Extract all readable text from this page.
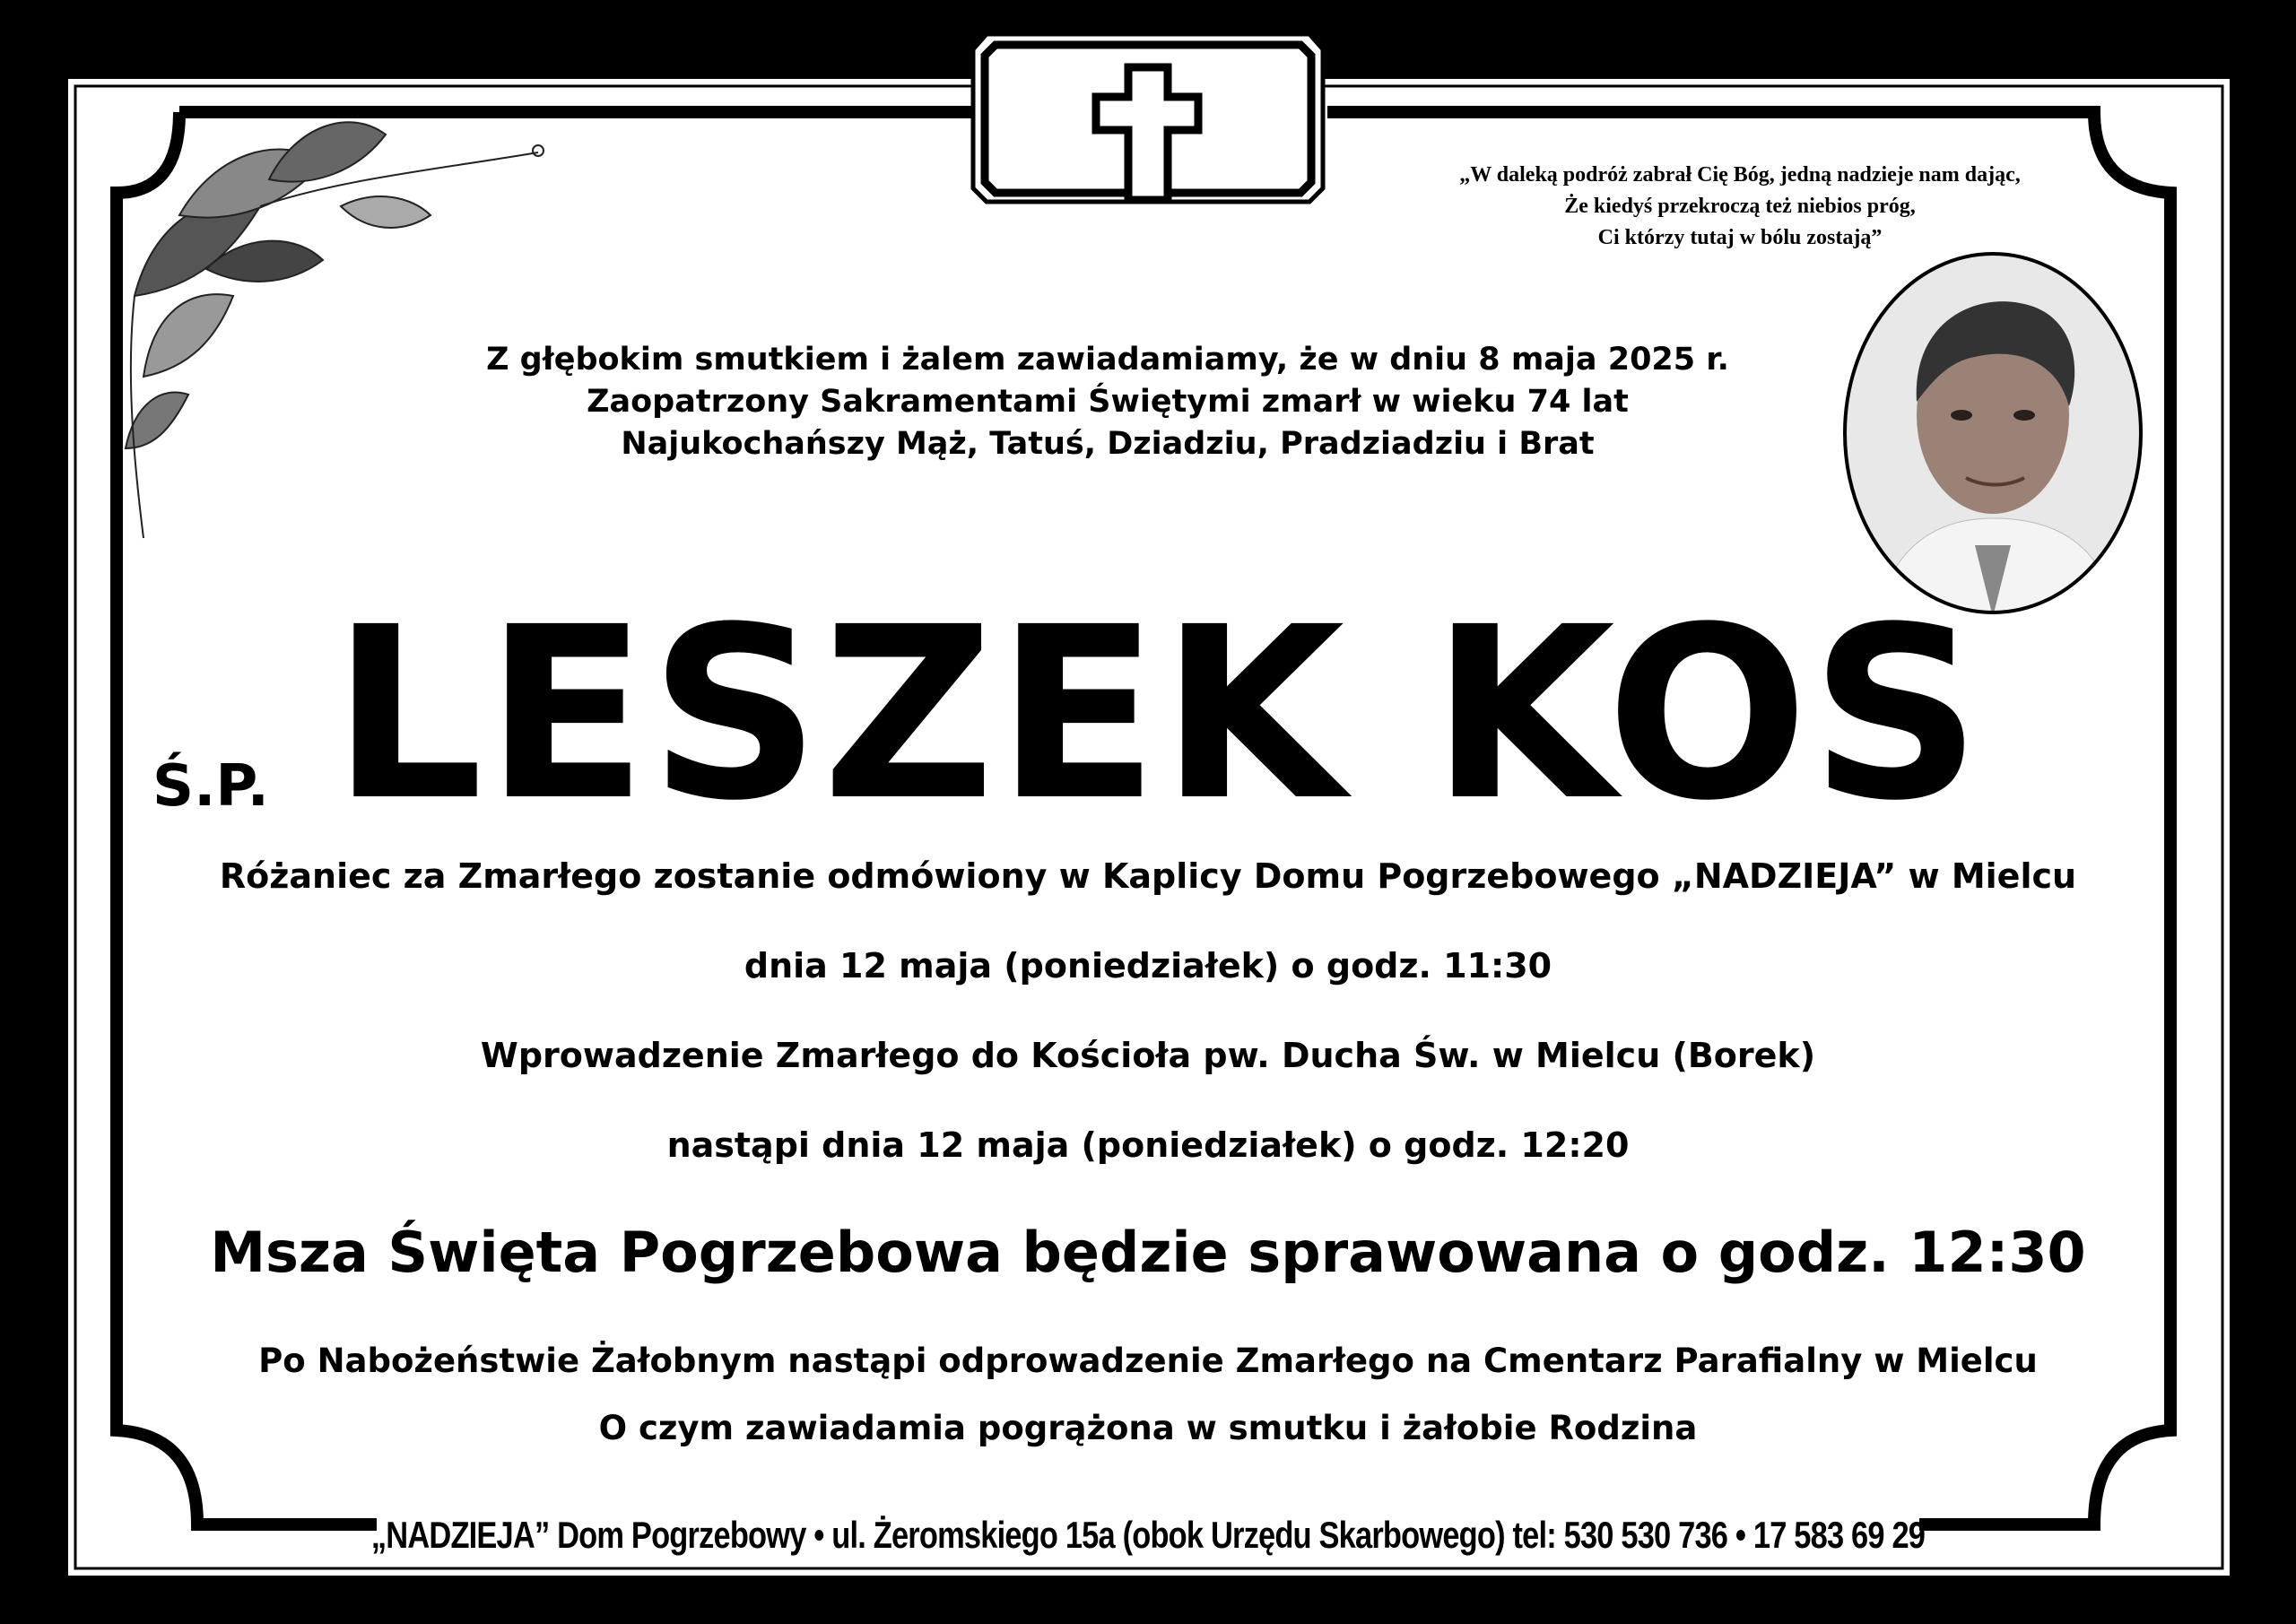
„W daleką podróż zabrał Cię Bóg, jedną nadzieje nam dając,
Że kiedyś przekroczą też niebios próg,
Ci którzy tutaj w bólu zostają”
Z głębokim smutkiem i żalem zawiadamiamy, że w dniu 8 maja 2025 r.
Zaopatrzony Sakramentami Świętymi zmarł w wieku 74 lat
Najukochańszy Mąż, Tatuś, Dziadziu, Pradziadziu i Brat
Ś.P. LESZEK KOS
Różaniec za Zmarłego zostanie odmówiony w Kaplicy Domu Pogrzebowego „NADZIEJA” w Mielcu
dnia 12 maja (poniedziałek) o godz. 11:30
Wprowadzenie Zmarłego do Kościoła pw. Ducha Św. w Mielcu (Borek)
nastąpi dnia 12 maja (poniedziałek) o godz. 12:20
Msza Święta Pogrzebowa będzie sprawowana o godz. 12:30
Po Nabożeństwie Żałobnym nastąpi odprowadzenie Zmarłego na Cmentarz Parafialny w Mielcu
O czym zawiadamia pogrążona w smutku i żałobie Rodzina
„NADZIEJA” Dom Pogrzebowy • ul. Żeromskiego 15a (obok Urzędu Skarbowego) tel: 530 530 736 • 17 583 69 29
